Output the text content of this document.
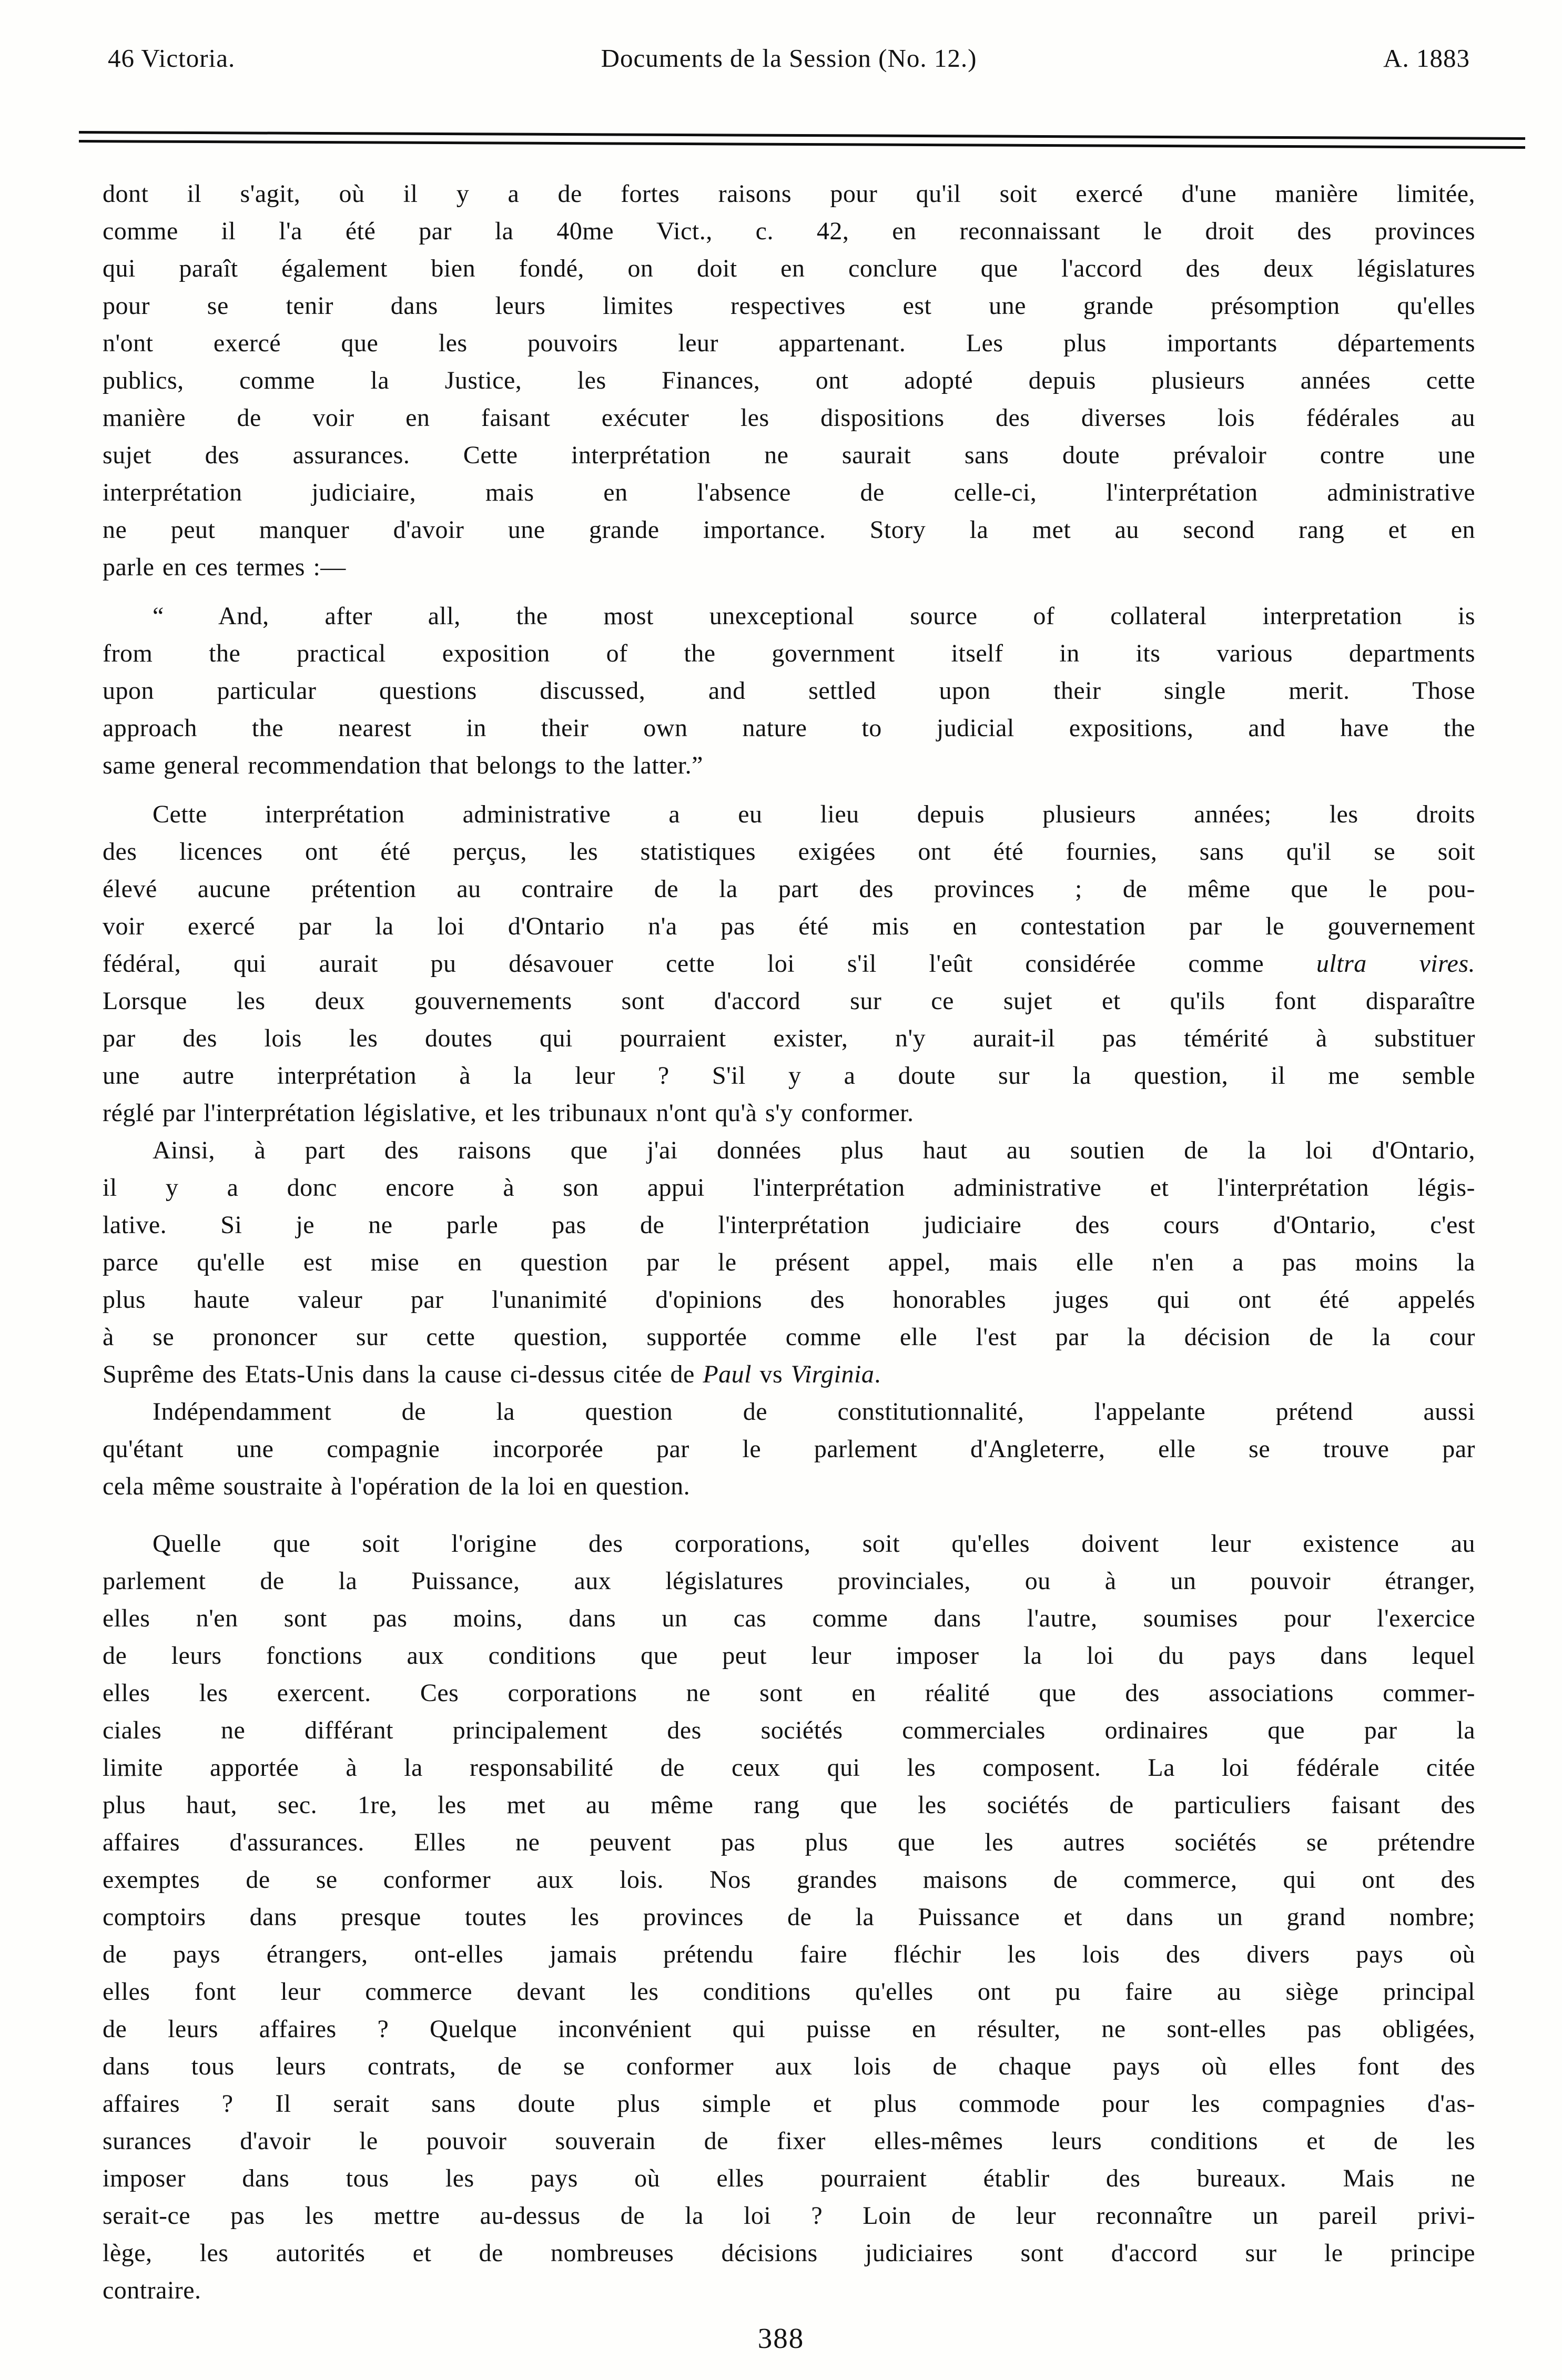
46 Victoria.	Documents de la Session (No. 12.)	A. 1883
dont il s'agit, où il y a de fortes raisons pour qu'il soit exercé d'une manière limitée,
comme il l'a été par la 40me Vict., c. 42, en reconnaissant le droit des provinces
qui paraît également bien fondé, on doit en conclure que l'accord des deux législatures
pour se tenir dans leurs limites respectives est une grande présomption qu'elles
n'ont exercé que les pouvoirs leur appartenant. Les plus importants départements
publics, comme la Justice, les Finances, ont adopté depuis plusieurs années cette
manière de voir en faisant exécuter les dispositions des diverses lois fédérales au
sujet des assurances. Cette interprétation ne saurait sans doute prévaloir contre une
interprétation judiciaire, mais en l'absence de celle-ci, l'interprétation administrative
ne peut manquer d'avoir une grande importance. Story la met au second rang et en
parle en ces termes :—
“ And, after all, the most unexceptional source of collateral interpretation is
from the practical exposition of the government itself in its various departments
upon particular questions discussed, and settled upon their single merit. Those
approach the nearest in their own nature to judicial expositions, and have the
same general recommendation that belongs to the latter.”
Cette interprétation administrative a eu lieu depuis plusieurs années; les droits
des licences ont été perçus, les statistiques exigées ont été fournies, sans qu'il se soit
élevé aucune prétention au contraire de la part des provinces ; de même que le pou-
voir exercé par la loi d'Ontario n'a pas été mis en contestation par le gouvernement
fédéral, qui aurait pu désavouer cette loi s'il l'eût considérée comme ultra vires.
Lorsque les deux gouvernements sont d'accord sur ce sujet et qu'ils font disparaître
par des lois les doutes qui pourraient exister, n'y aurait-il pas témérité à substituer
une autre interprétation à la leur ? S'il y a doute sur la question, il me semble
réglé par l'interprétation législative, et les tribunaux n'ont qu'à s'y conformer.
Ainsi, à part des raisons que j'ai données plus haut au soutien de la loi d'Ontario,
il y a donc encore à son appui l'interprétation administrative et l'interprétation légis-
lative. Si je ne parle pas de l'interprétation judiciaire des cours d'Ontario, c'est
parce qu'elle est mise en question par le présent appel, mais elle n'en a pas moins la
plus haute valeur par l'unanimité d'opinions des honorables juges qui ont été appelés
à se prononcer sur cette question, supportée comme elle l'est par la décision de la cour
Suprême des Etats-Unis dans la cause ci-dessus citée de Paul vs Virginia.
Indépendamment de la question de constitutionnalité, l'appelante prétend aussi
qu'étant une compagnie incorporée par le parlement d'Angleterre, elle se trouve par
cela même soustraite à l'opération de la loi en question.
Quelle que soit l'origine des corporations, soit qu'elles doivent leur existence au
parlement de la Puissance, aux législatures provinciales, ou à un pouvoir étranger,
elles n'en sont pas moins, dans un cas comme dans l'autre, soumises pour l'exercice
de leurs fonctions aux conditions que peut leur imposer la loi du pays dans lequel
elles les exercent. Ces corporations ne sont en réalité que des associations commer-
ciales ne différant principalement des sociétés commerciales ordinaires que par la
limite apportée à la responsabilité de ceux qui les composent. La loi fédérale citée
plus haut, sec. 1re, les met au même rang que les sociétés de particuliers faisant des
affaires d'assurances. Elles ne peuvent pas plus que les autres sociétés se prétendre
exemptes de se conformer aux lois. Nos grandes maisons de commerce, qui ont des
comptoirs dans presque toutes les provinces de la Puissance et dans un grand nombre;
de pays étrangers, ont-elles jamais prétendu faire fléchir les lois des divers pays où
elles font leur commerce devant les conditions qu'elles ont pu faire au siège principal
de leurs affaires ? Quelque inconvénient qui puisse en résulter, ne sont-elles pas obligées,
dans tous leurs contrats, de se conformer aux lois de chaque pays où elles font des
affaires ? Il serait sans doute plus simple et plus commode pour les compagnies d'as-
surances d'avoir le pouvoir souverain de fixer elles-mêmes leurs conditions et de les
imposer dans tous les pays où elles pourraient établir des bureaux. Mais ne
serait-ce pas les mettre au-dessus de la loi ? Loin de leur reconnaître un pareil privi-
lège, les autorités et de nombreuses décisions judiciaires sont d'accord sur le principe
contraire.
388
